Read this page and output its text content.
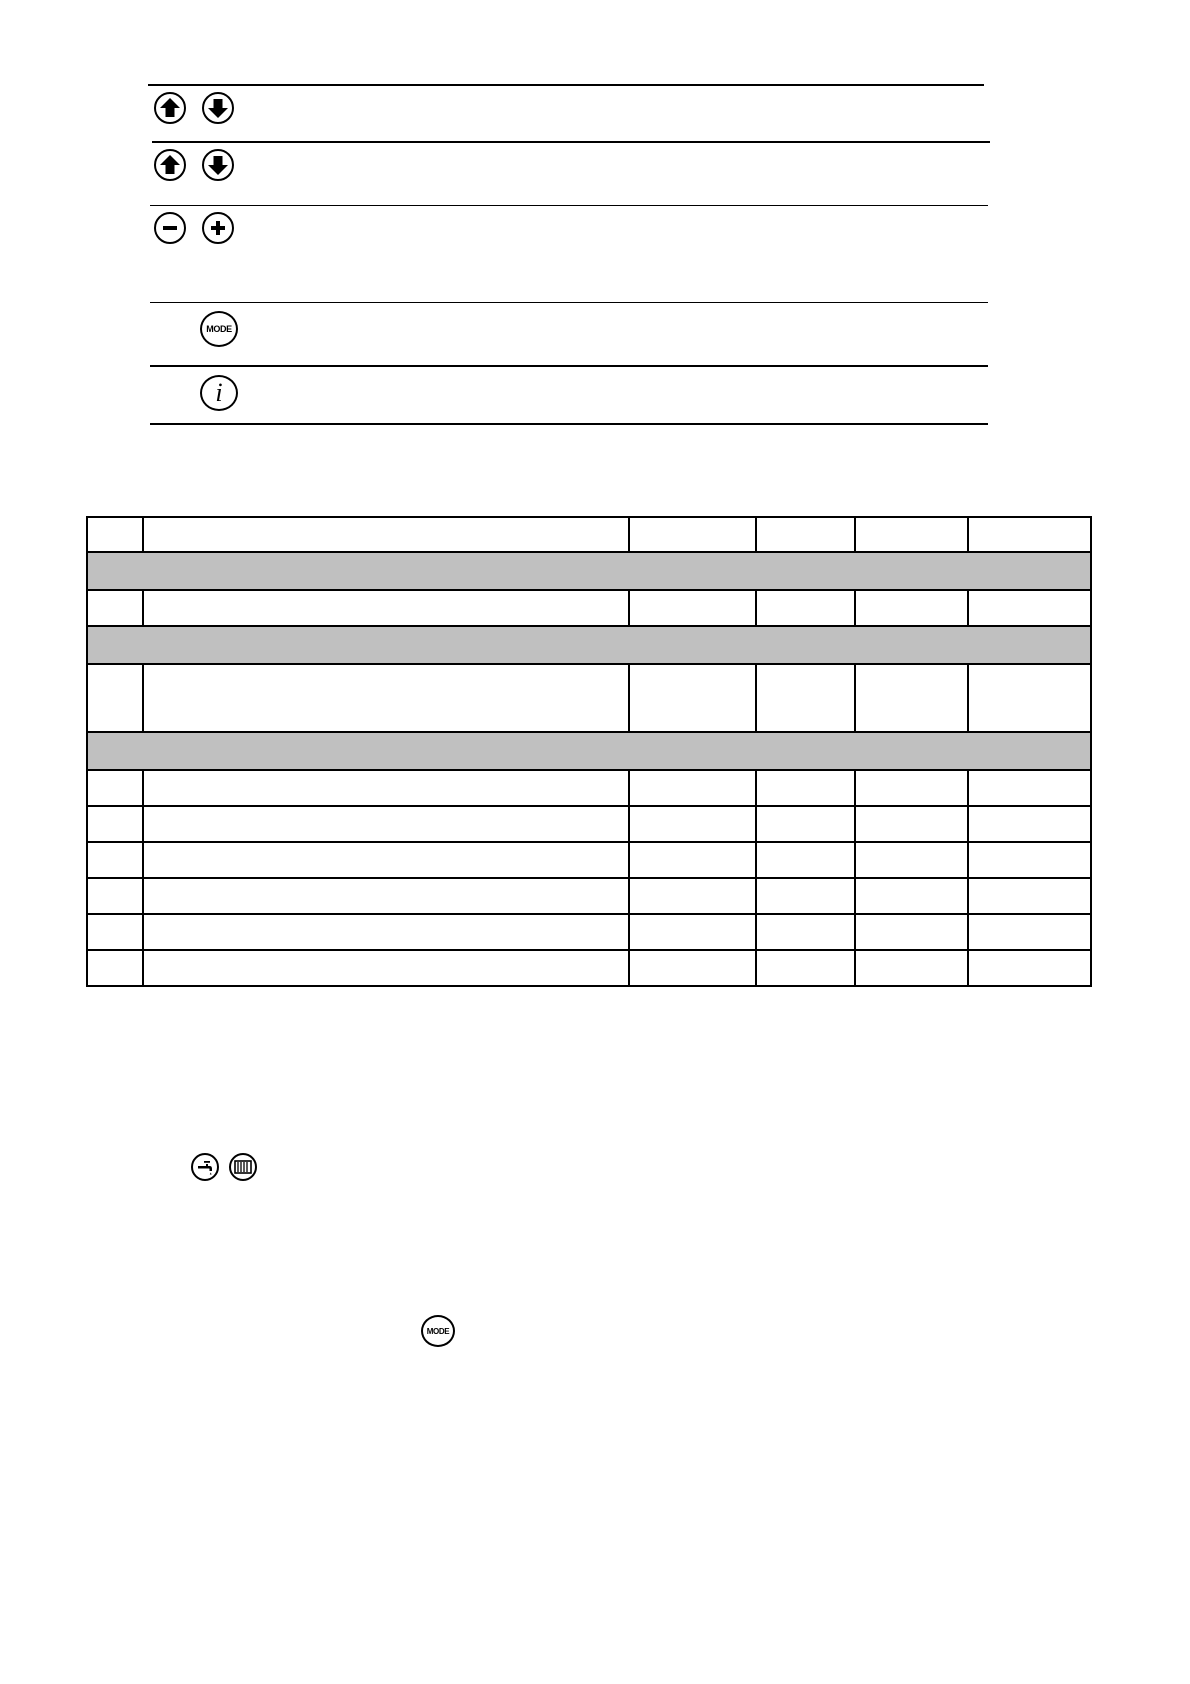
MODE
i

MODE
